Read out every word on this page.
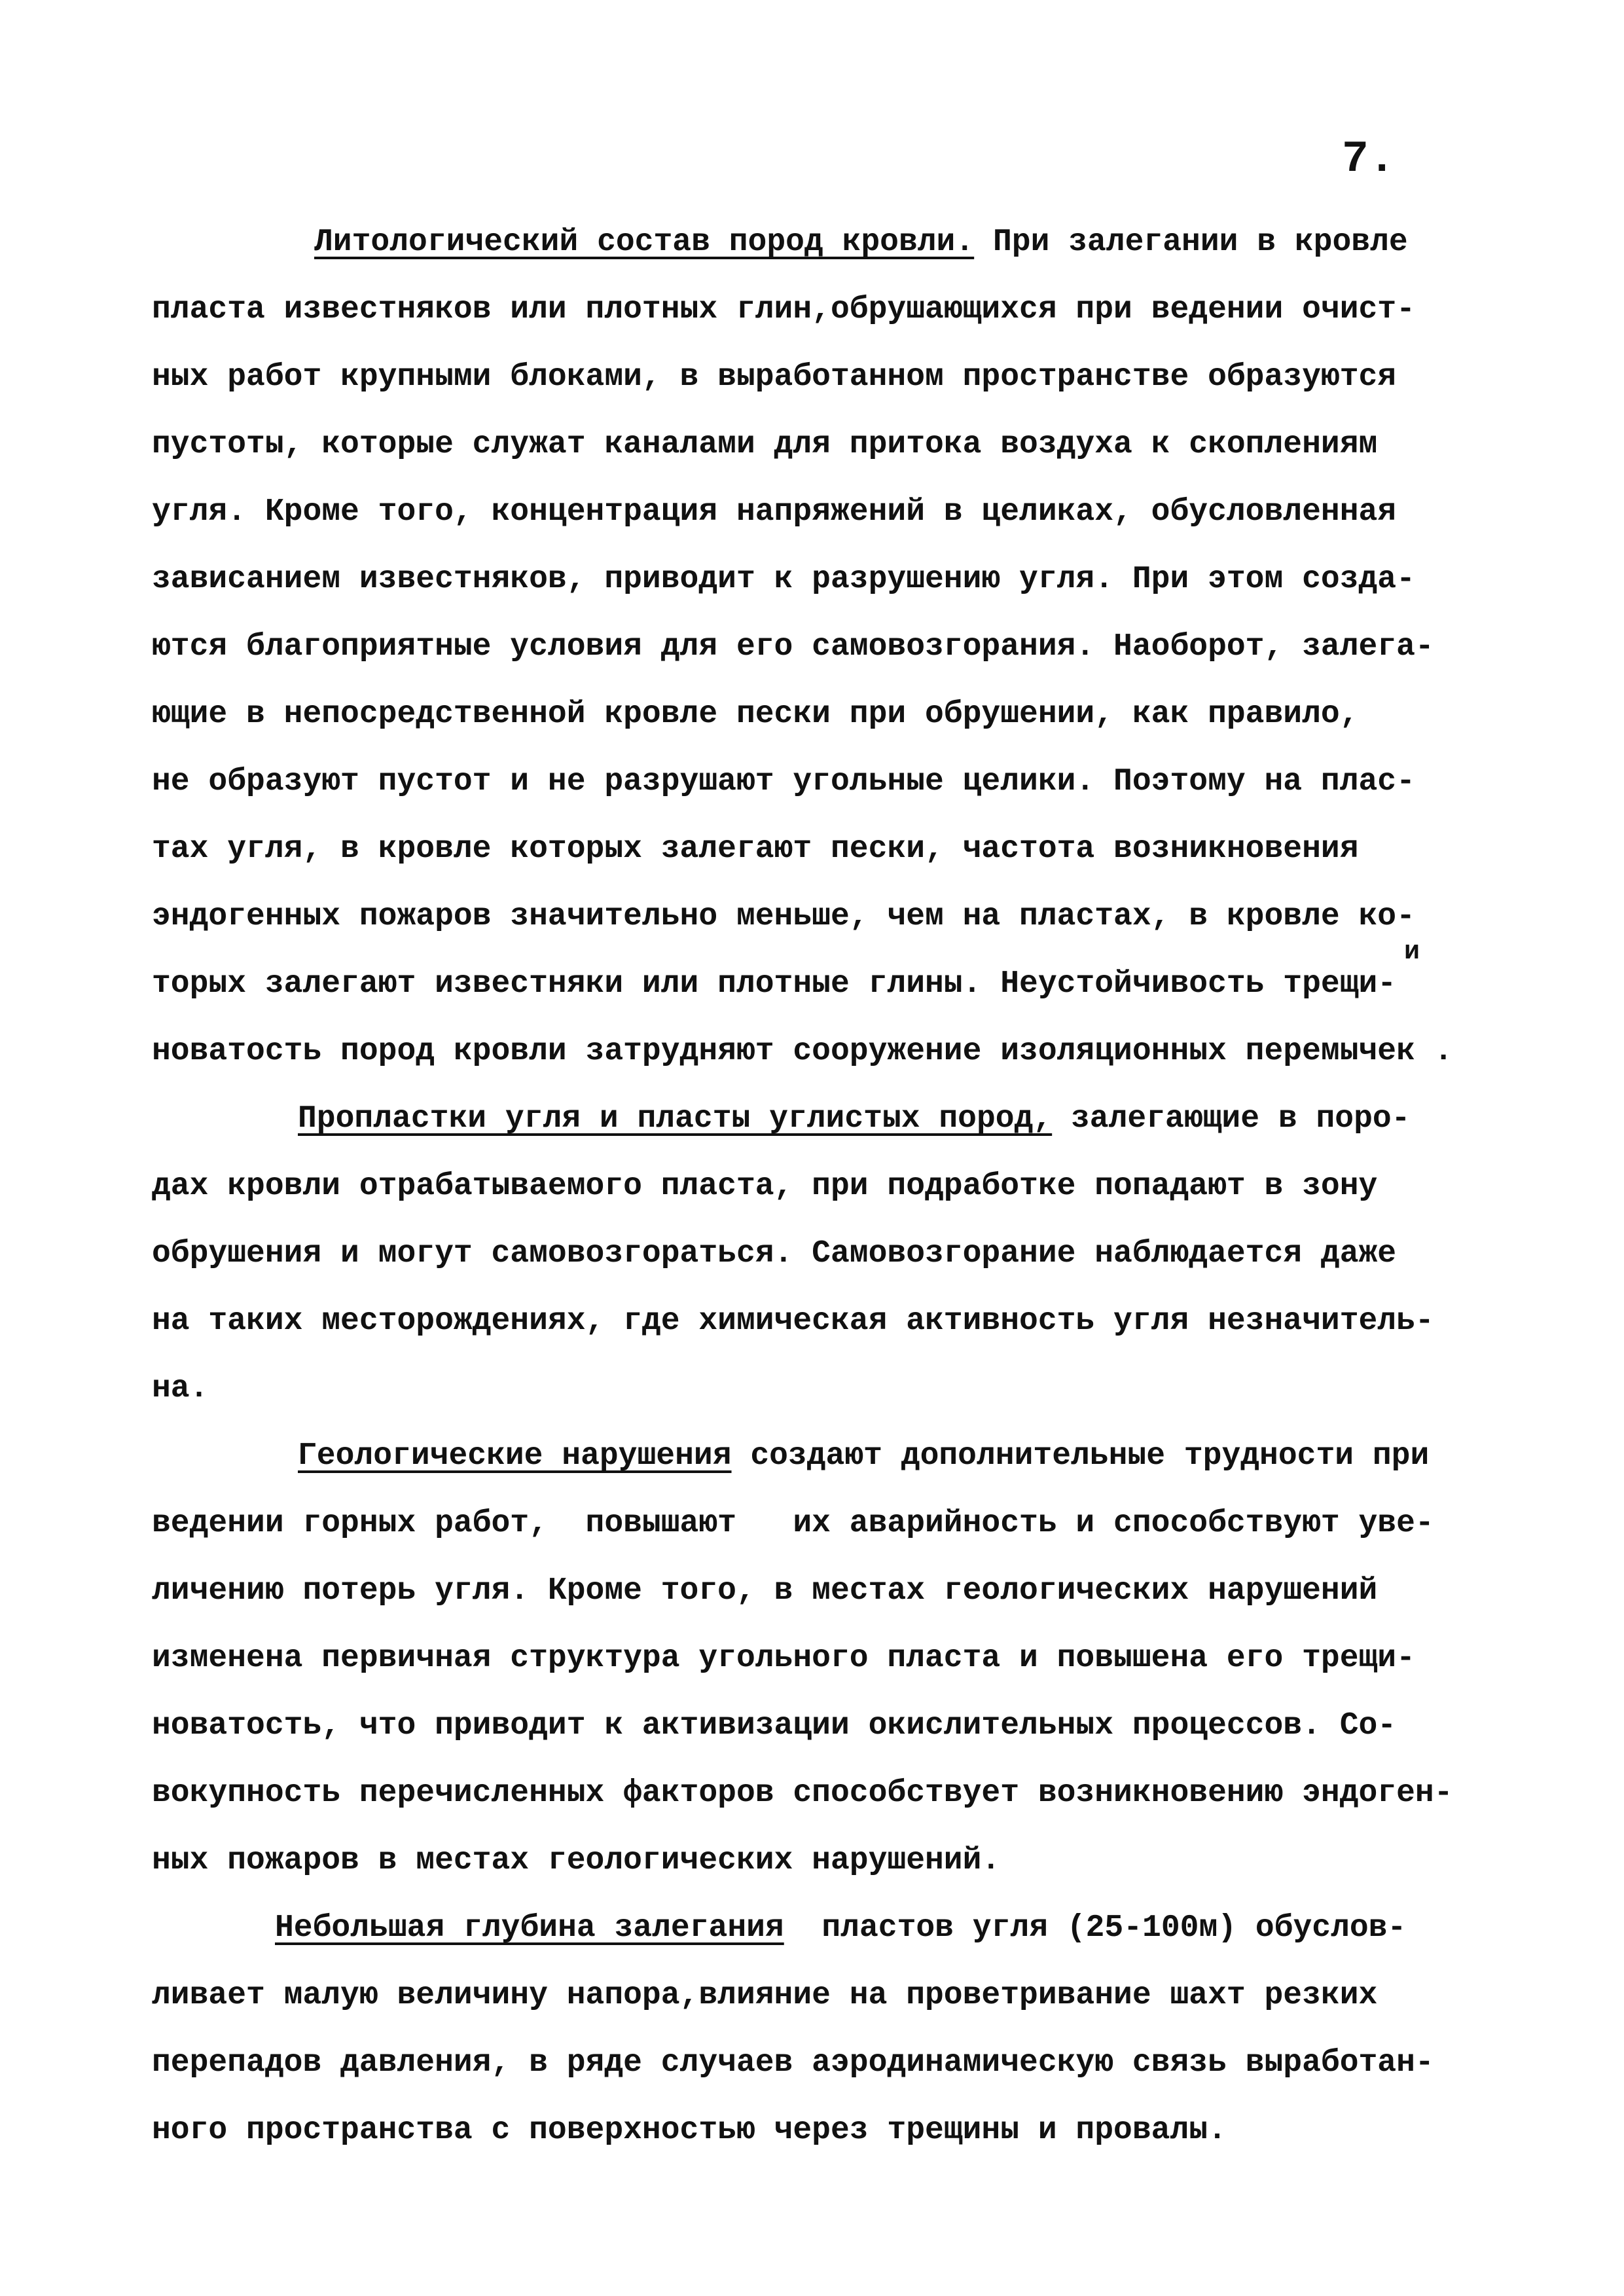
7.
Литологический состав пород кровли. При залегании в кровле
пласта известняков или плотных глин,обрушающихся при ведении очист-
ных работ крупными блоками, в выработанном пространстве образуются
пустоты, которые служат каналами для притока воздуха к скоплениям
угля. Кроме того, концентрация напряжений в целиках, обусловленная
зависанием известняков, приводит к разрушению угля. При этом созда-
ются благоприятные условия для его самовозгорания. Наоборот, залега-
ющие в непосредственной кровле пески при обрушении, как правило,
не образуют пустот и не разрушают угольные целики. Поэтому на плас-
тах угля, в кровле которых залегают пески, частота возникновения
эндогенных пожаров значительно меньше, чем на пластах, в кровле ко-
и
торых залегают известняки или плотные глины. Неустойчивость трещи-
новатость пород кровли затрудняют сооружение изоляционных перемычек .
Пропластки угля и пласты углистых пород, залегающие в поро-
дах кровли отрабатываемого пласта, при подработке попадают в зону
обрушения и могут самовозгораться. Самовозгорание наблюдается даже
на таких месторождениях, где химическая активность угля незначитель-
на.
Геологические нарушения создают дополнительные трудности при
ведении горных работ,  повышают   их аварийность и способствуют уве-
личению потерь угля. Кроме того, в местах геологических нарушений
изменена первичная структура угольного пласта и повышена его трещи-
новатость, что приводит к активизации окислительных процессов. Со-
вокупность перечисленных факторов способствует возникновению эндоген-
ных пожаров в местах геологических нарушений.
Небольшая глубина залегания  пластов угля (25-100м) обуслов-
ливает малую величину напора,влияние на проветривание шахт резких
перепадов давления, в ряде случаев аэродинамическую связь выработан-
ного пространства с поверхностью через трещины и провалы.
